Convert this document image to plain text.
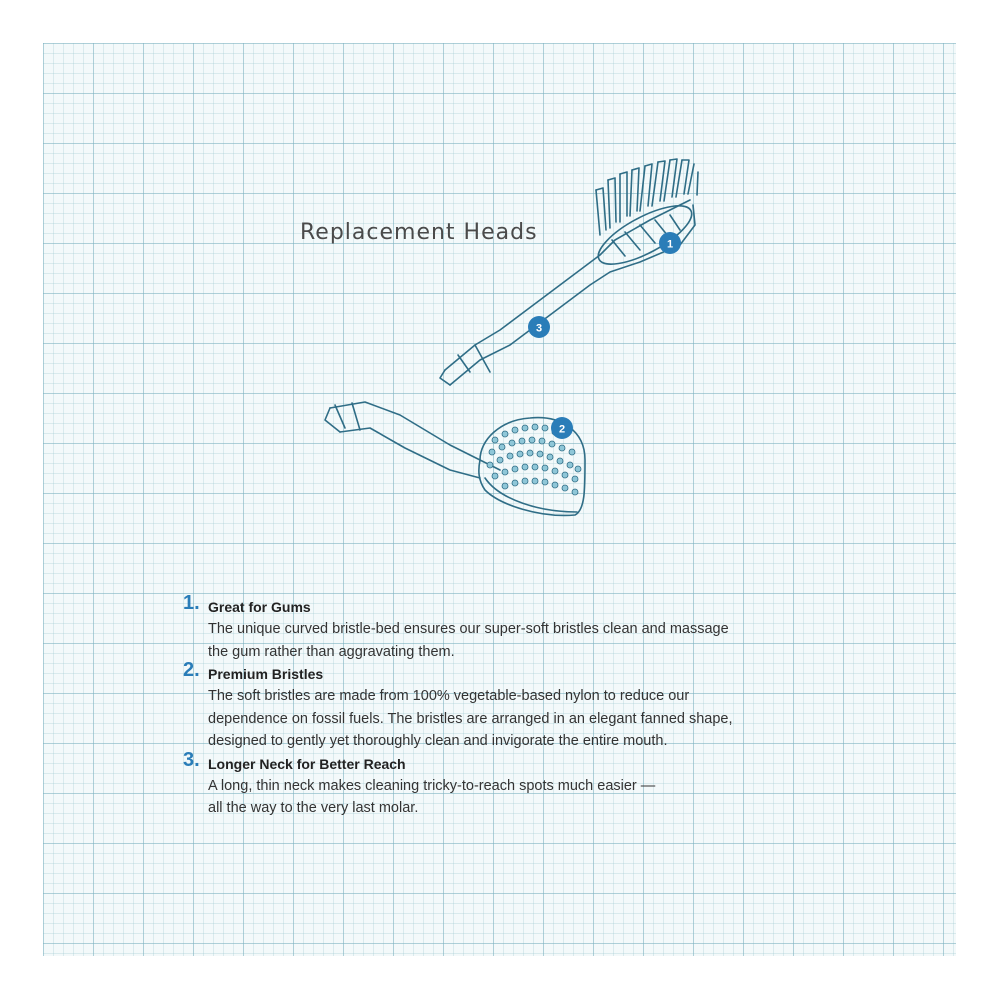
Replacement Heads	1
2
3
1. Great for Gums
The unique curved bristle-bed ensures our super-soft bristles clean and massage
the gum rather than aggravating them.
2. Premium Bristles
The soft bristles are made from 100% vegetable-based nylon to reduce our
dependence on fossil fuels. The bristles are arranged in an elegant fanned shape,
designed to gently yet thoroughly clean and invigorate the entire mouth.
3. Longer Neck for Better Reach
A long, thin neck makes cleaning tricky-to-reach spots much easier —
all the way to the very last molar.
